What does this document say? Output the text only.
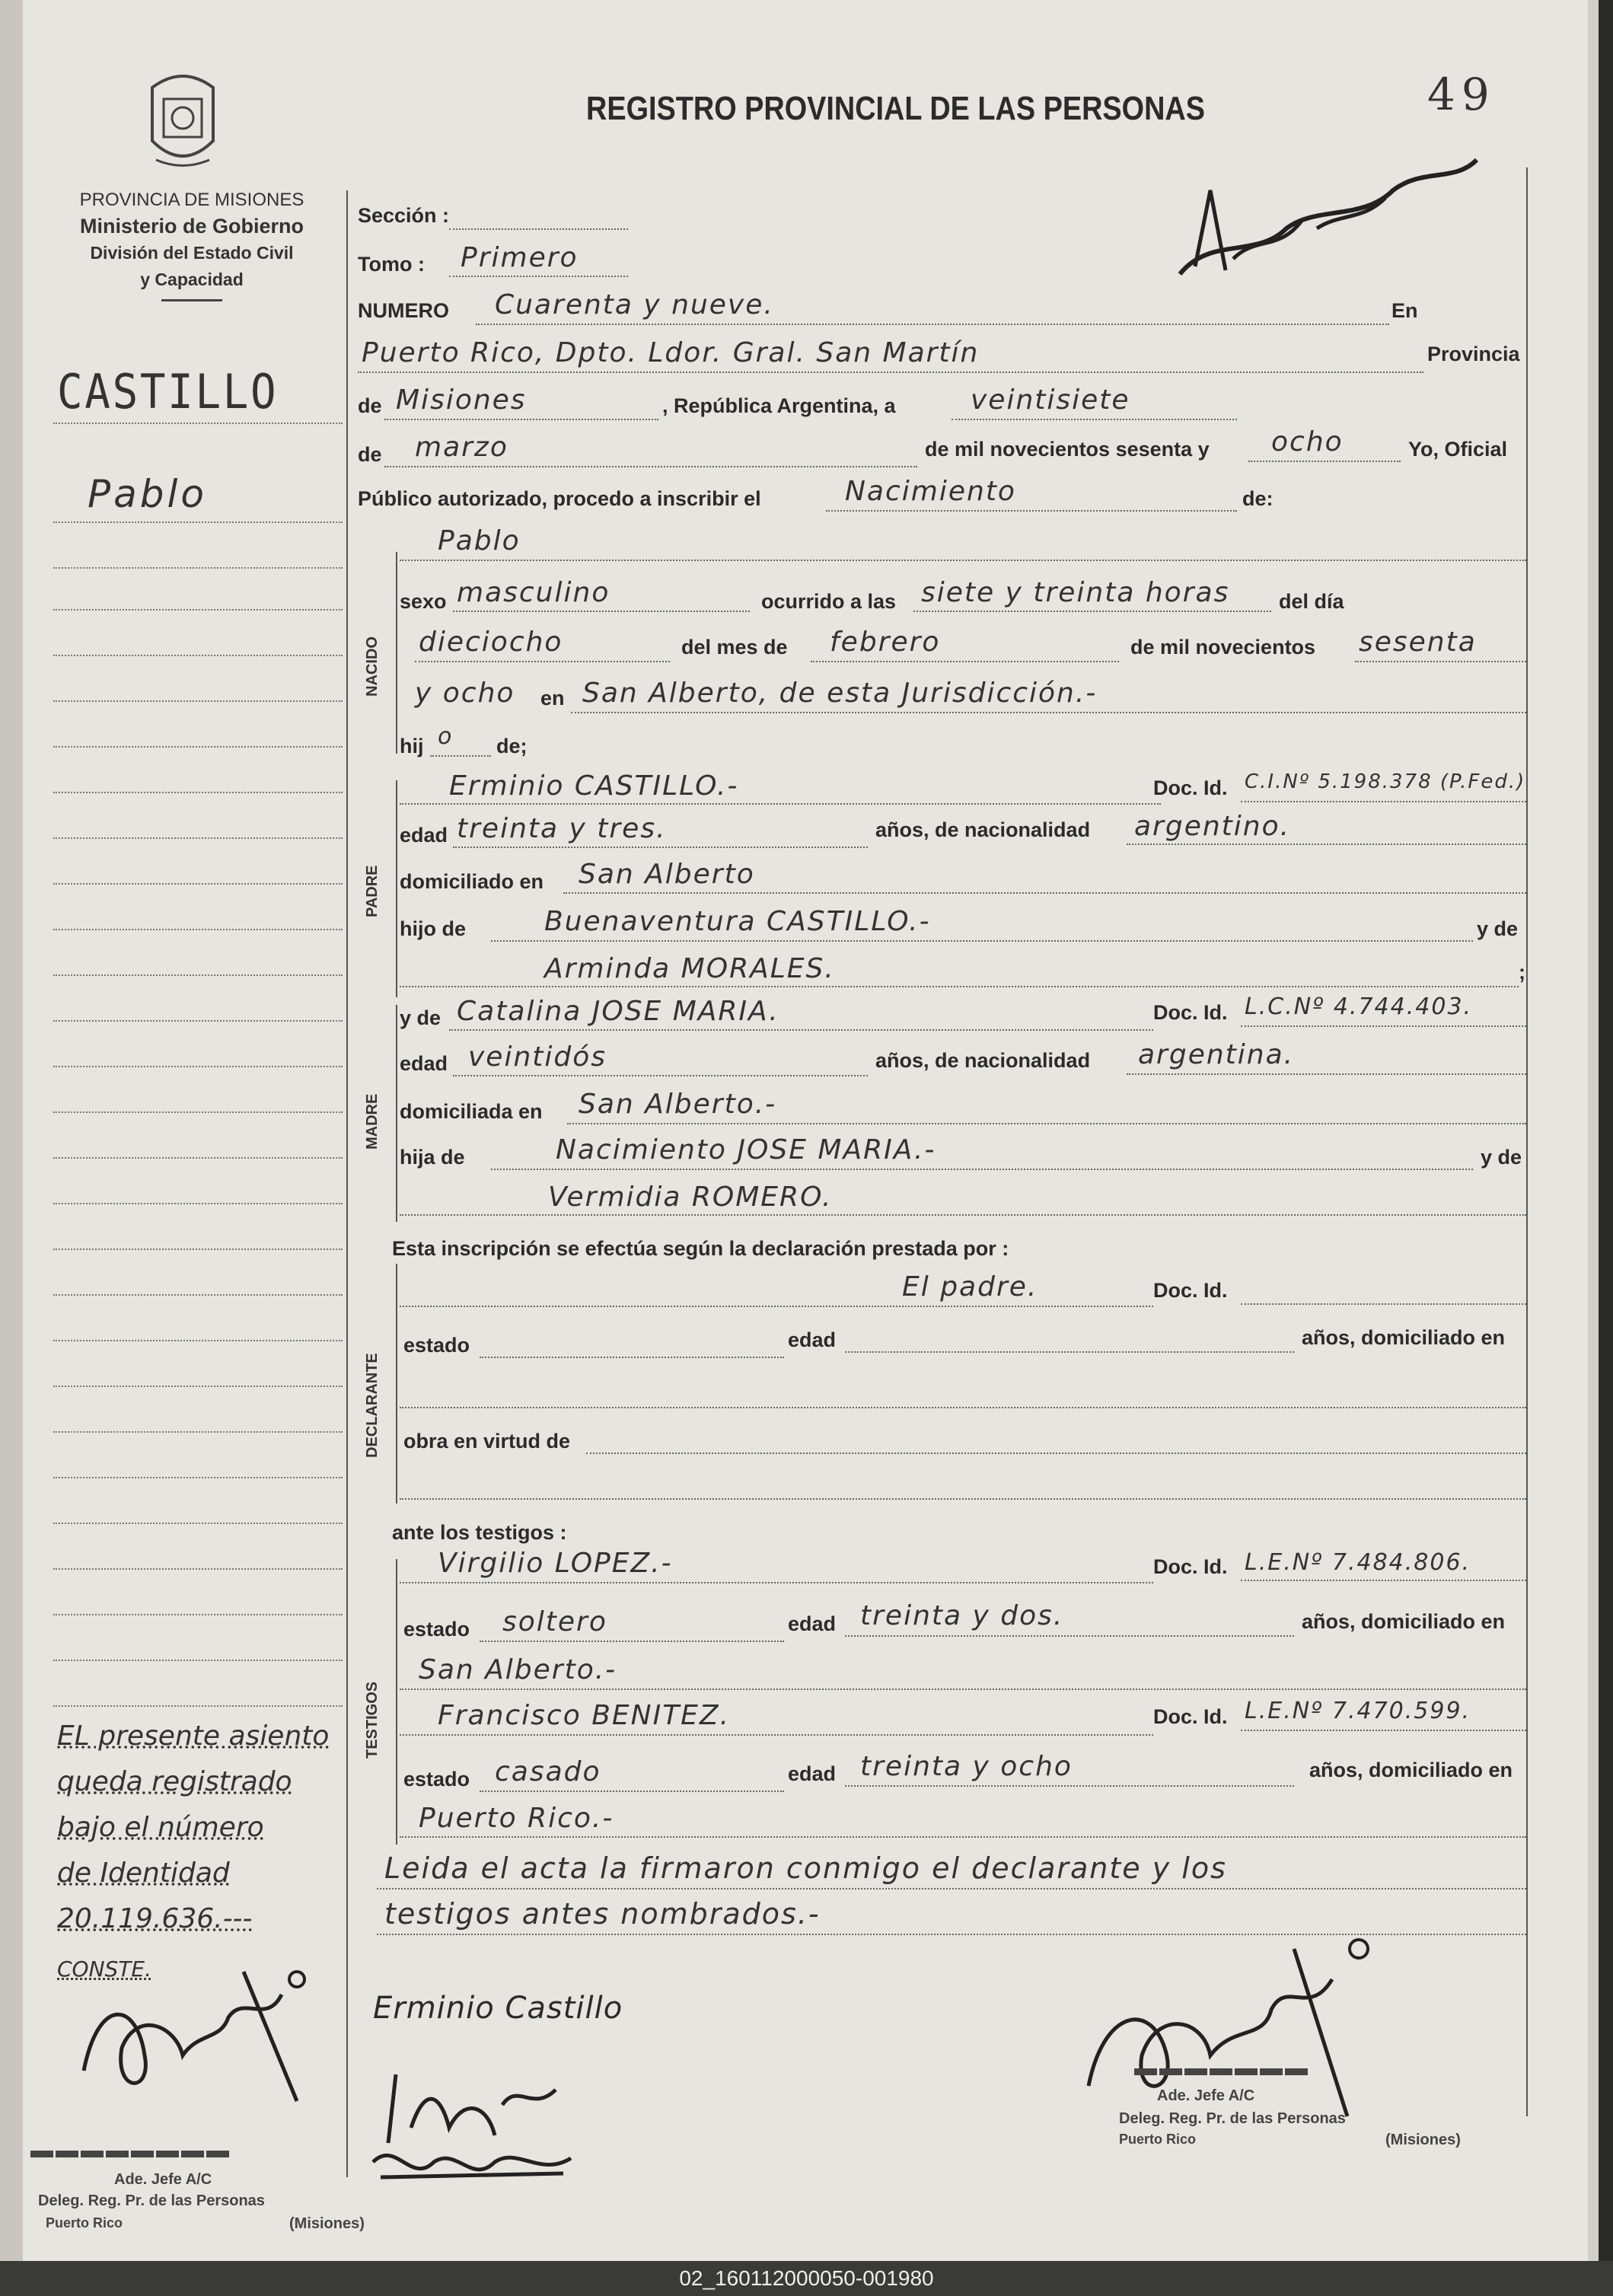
49
REGISTRO PROVINCIAL DE LAS PERSONAS
PROVINCIA DE MISIONES
Ministerio de Gobierno
División del Estado Civil
y Capacidad
CASTILLO
Pablo
EL presente asiento
queda registrado
bajo el número
de Identidad
20.119.636.---
CONSTE.
▬▬▬▬▬▬▬▬
Ade. Jefe A/C
Deleg. Reg. Pr. de las Personas
Puerto Rico	(Misiones)
Sección :
Tomo : Primero
NUMERO Cuarenta y nueve.	En
Puerto Rico, Dpto. Ldor. Gral. San Martín	Provincia
de Misiones	, República Argentina, a	veintisiete
de marzo	de mil novecientos sesenta y ocho	Yo, Oficial
Público autorizado, procedo a inscribir el	Nacimiento	de:
NACIDO
Pablo
sexo masculino	ocurrido a las siete y treinta horas del día
dieciocho	del mes de febrero	de mil novecientos sesenta
y ocho en San Alberto, de esta Jurisdicción.-
hij o de;
PADRE
Erminio CASTILLO.-	Doc. Id. C.I.Nº 5.198.378 (P.Fed.)
edad treinta y tres.	años, de nacionalidad argentino.
domiciliado en San Alberto
hijo de	Buenaventura CASTILLO.-	y de
Arminda MORALES.	;
MADRE
y de Catalina JOSE MARIA.	Doc. Id. L.C.Nº 4.744.403.
edad veintidós	años, de nacionalidad argentina.
domiciliada en San Alberto.-
hija de	Nacimiento JOSE MARIA.-	y de
Vermidia ROMERO.
Esta inscripción se efectúa según la declaración prestada por :
DECLARANTE
El padre.	Doc. Id.
estado	edad	años, domiciliado en
obra en virtud de
ante los testigos :
TESTIGOS
Virgilio LOPEZ.-	Doc. Id. L.E.Nº 7.484.806.
estado soltero	edad treinta y dos.	años, domiciliado en
San Alberto.-
Francisco BENITEZ.	Doc. Id. L.E.Nº 7.470.599.
estado casado	edad treinta y ocho	años, domiciliado en
Puerto Rico.-
Leida el acta la firmaron conmigo el declarante y los
testigos antes nombrados.-
Erminio Castillo
▬▬▬▬▬▬▬
Ade. Jefe A/C
Deleg. Reg. Pr. de las Personas
Puerto Rico	(Misiones)
02_160112000050-001980
